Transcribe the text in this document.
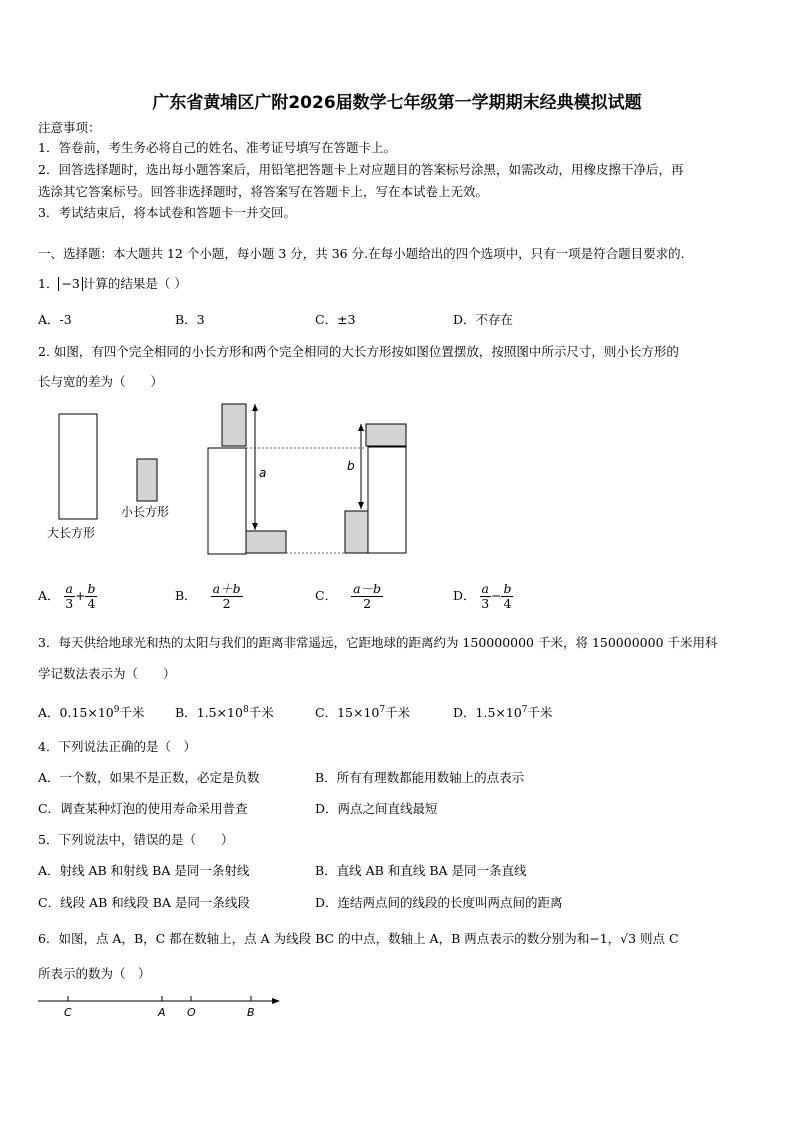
广东省黄埔区广附2026届数学七年级第一学期期末经典模拟试题
注意事项：
1．答卷前，考生务必将自己的姓名、准考证号填写在答题卡上。
2．回答选择题时，选出每小题答案后，用铅笔把答题卡上对应题目的答案标号涂黑，如需改动，用橡皮擦干净后，再
选涂其它答案标号。回答非选择题时，将答案写在答题卡上，写在本试卷上无效。
3．考试结束后，将本试卷和答题卡一并交回。
一、选择题：本大题共 12 个小题，每小题 3 分，共 36 分.在每小题给出的四个选项中，只有一项是符合题目要求的.
1． −3 计算的结果是（ ）
A．-3	B．3	C．±3	D．不存在
2. 如图，有四个完全相同的小长方形和两个完全相同的大长方形按如图位置摆放，按照图中所示尺寸，则小长方形的
长与宽的差为（　　）
大长方形
小长方形
a	b
A． $\frac{a}{3} + \frac{b}{4}$	B． $\frac{a+b}{2}$	C． $\frac{a-b}{2}$	D． $\frac{a}{3} - \frac{b}{4}$
3．每天供给地球光和热的太阳与我们的距离非常遥远，它距地球的距离约为 150000000 千米，将 150000000 千米用科
学记数法表示为（　　）
A．$0.15\times 10^9$千米 B．$1.5\times 10^8$千米	C．$15\times 10^7$千米	D．$1.5\times 10^7$千米
4．下列说法正确的是（　）
A．一个数，如果不是正数，必定是负数	B．所有有理数都能用数轴上的点表示
C．调查某种灯泡的使用寿命采用普查	D．两点之间直线最短
5．下列说法中，错误的是（　　）
A．射线 AB 和射线 BA 是同一条射线	B．直线 AB 和直线 BA 是同一条直线
C．线段 AB 和线段 BA 是同一条线段	D．连结两点间的线段的长度叫两点间的距离
6．如图，点 A，B，C 都在数轴上，点 A 为线段 BC 的中点，数轴上 A，B 两点表示的数分别为和−1，√3 则点 C
所表示的数为（　）
C	A O	B
